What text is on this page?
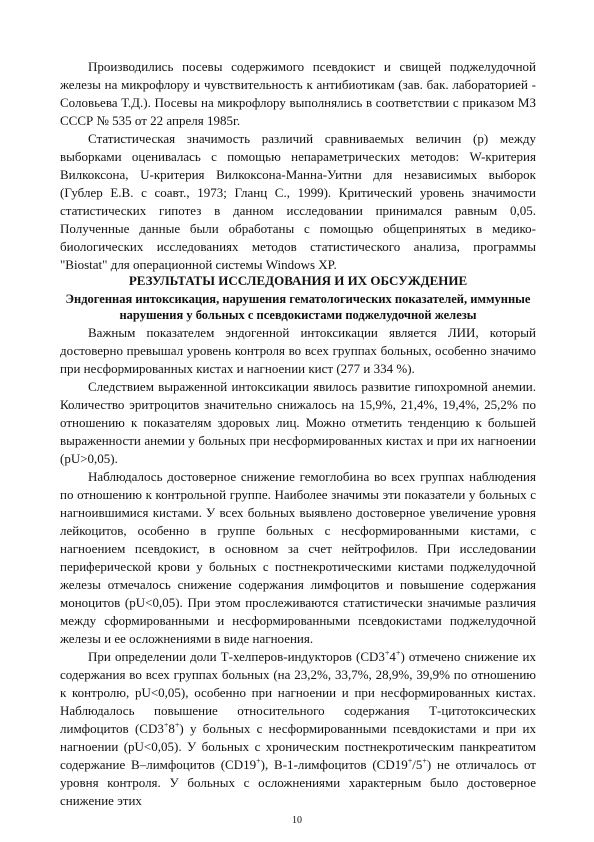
Производились посевы содержимого псевдокист и свищей поджелудочной железы на микрофлору и чувствительность к антибиотикам (зав. бак. лабораторией - Соловьева Т.Д.). Посевы на микрофлору выполнялись в соответствии с приказом МЗ СССР № 535 от 22 апреля 1985г.

Статистическая значимость различий сравниваемых величин (р) между выборками оценивалась с помощью непараметрических методов: W-критерия Вилкоксона, U-критерия Вилкоксона-Манна-Уитни для независимых выборок (Гублер Е.В. с соавт., 1973; Гланц С., 1999). Критический уровень значимости статистических гипотез в данном исследовании принимался равным 0,05. Полученные данные были обработаны с помощью общепринятых в медико-биологических исследованиях методов статистического анализа, программы "Biostat" для операционной системы Windows XP.

РЕЗУЛЬТАТЫ ИССЛЕДОВАНИЯ И ИХ ОБСУЖДЕНИЕ
Эндогенная интоксикация, нарушения гематологических показателей, иммунные нарушения у больных с псевдокистами поджелудочной железы

Важным показателем эндогенной интоксикации является ЛИИ, который достоверно превышал уровень контроля во всех группах больных, особенно значимо при несформированных кистах и нагноении кист (277 и 334 %).

Следствием выраженной интоксикации явилось развитие гипохромной анемии. Количество эритроцитов значительно снижалось на 15,9%, 21,4%, 19,4%, 25,2% по отношению к показателям здоровых лиц. Можно отметить тенденцию к большей выраженности анемии у больных при несформированных кистах и при их нагноении (pU>0,05).

Наблюдалось достоверное снижение гемоглобина во всех группах наблюдения по отношению к контрольной группе. Наиболее значимы эти показатели у больных с нагноившимися кистами. У всех больных выявлено достоверное увеличение уровня лейкоцитов, особенно в группе больных с несформированными кистами, с нагноением псевдокист, в основном за счет нейтрофилов. При исследовании периферической крови у больных с постнекротическими кистами поджелудочной железы отмечалось снижение содержания лимфоцитов и повышение содержания моноцитов (pU<0,05). При этом прослеживаются статистически значимые различия между сформированными и несформированными псевдокистами поджелудочной железы и ее осложнениями в виде нагноения.

При определении доли Т-хелперов-индукторов (CD3+4+) отмечено снижение их содержания во всех группах больных (на 23,2%, 33,7%, 28,9%, 39,9% по отношению к контролю, pU<0,05), особенно при нагноении и при несформированных кистах. Наблюдалось повышение относительного содержания Т-цитотоксических лимфоцитов (CD3+8+) у больных с несформированными псевдокистами и при их нагноении (pU<0,05). У больных с хроническим постнекротическим панкреатитом содержание В–лимфоцитов (CD19+), В-1-лимфоцитов (CD19+/5+) не отличалось от уровня контроля. У больных с осложнениями характерным было достоверное снижение этих

10
